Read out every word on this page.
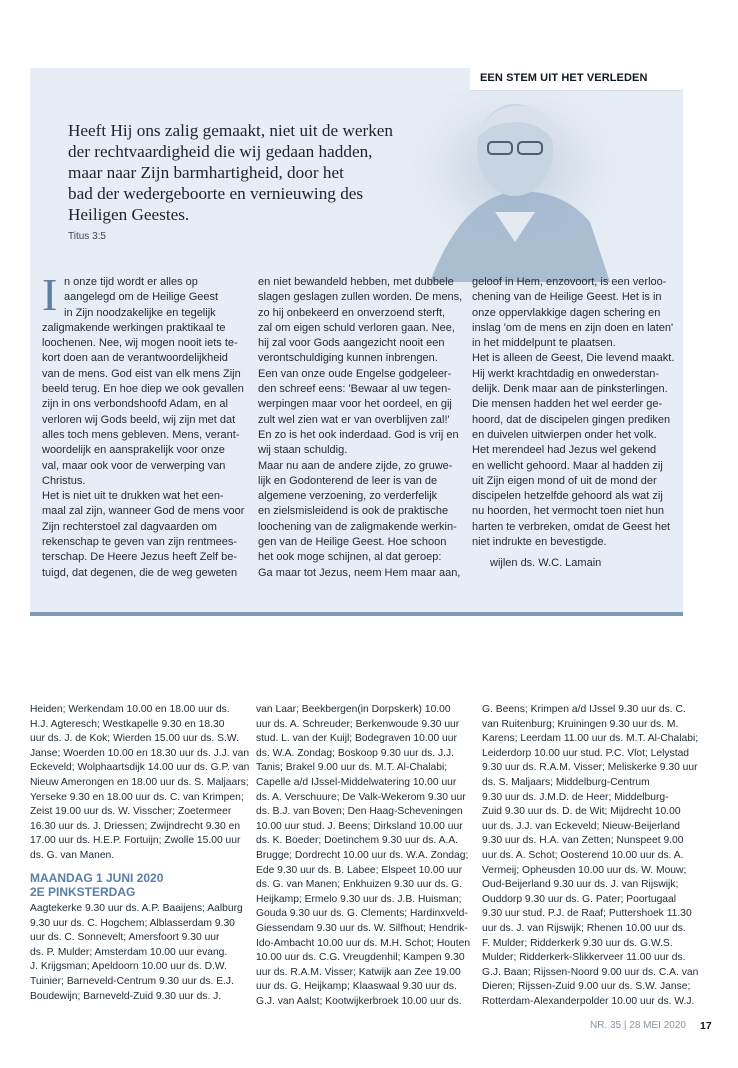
EEN STEM UIT HET VERLEDEN
Heeft Hij ons zalig gemaakt, niet uit de werken
der rechtvaardigheid die wij gedaan hadden,
maar naar Zijn barmhartigheid, door het
bad der wedergeboorte en vernieuwing des
Heiligen Geestes.
Titus 3:5
I n onze tijd wordt er alles op
aangelegd om de Heilige Geest
in Zijn noodzakelijke en tegelijk
zaligmakende werkingen praktikaal te
loochenen. Nee, wij mogen nooit iets te-
kort doen aan de verantwoordelijkheid
van de mens. God eist van elk mens Zijn
beeld terug. En hoe diep we ook gevallen
zijn in ons verbondshoofd Adam, en al
verloren wij Gods beeld, wij zijn met dat
alles toch mens gebleven. Mens, verant-
woordelijk en aansprakelijk voor onze
val, maar ook voor de verwerping van
Christus.
Het is niet uit te drukken wat het een-
maal zal zijn, wanneer God de mens voor
Zijn rechterstoel zal dagvaarden om
rekenschap te geven van zijn rentmees-
terschap. De Heere Jezus heeft Zelf be-
tuigd, dat degenen, die de weg geweten
en niet bewandeld hebben, met dubbele
slagen geslagen zullen worden. De mens,
zo hij onbekeerd en onverzoend sterft,
zal om eigen schuld verloren gaan. Nee,
hij zal voor Gods aangezicht nooit een
verontschuldiging kunnen inbrengen.
Een van onze oude Engelse godgeleer-
den schreef eens: 'Bewaar al uw tegen-
werpingen maar voor het oordeel, en gij
zult wel zien wat er van overblijven zal!'
En zo is het ook inderdaad. God is vrij en
wij staan schuldig.
Maar nu aan de andere zijde, zo gruwe-
lijk en Godonterend de leer is van de
algemene verzoening, zo verderfelijk
en zielsmisleidend is ook de praktische
loochening van de zaligmakende werkin-
gen van de Heilige Geest. Hoe schoon
het ook moge schijnen, al dat geroep:
Ga maar tot Jezus, neem Hem maar aan,
geloof in Hem, enzovoort, is een verloo-
chening van de Heilige Geest. Het is in
onze oppervlakkige dagen schering en
inslag 'om de mens en zijn doen en laten'
in het middelpunt te plaatsen.
Het is alleen de Geest, Die levend maakt.
Hij werkt krachtdadig en onwederstan-
delijk. Denk maar aan de pinksterlingen.
Die mensen hadden het wel eerder ge-
hoord, dat de discipelen gingen prediken
en duivelen uitwierpen onder het volk.
Het merendeel had Jezus wel gekend
en wellicht gehoord. Maar al hadden zij
uit Zijn eigen mond of uit de mond der
discipelen hetzelfde gehoord als wat zij
nu hoorden, het vermocht toen niet hun
harten te verbreken, omdat de Geest het
niet indrukte en bevestigde.
wijlen ds. W.C. Lamain
Heiden; Werkendam 10.00 en 18.00 uur ds.
H.J. Agteresch; Westkapelle 9.30 en 18.30
uur ds. J. de Kok; Wierden 15.00 uur ds. S.W.
Janse; Woerden 10.00 en 18.30 uur ds. J.J. van
Eckeveld; Wolphaartsdijk 14.00 uur ds. G.P. van
Nieuw Amerongen en 18.00 uur ds. S. Maljaars;
Yerseke 9.30 en 18.00 uur ds. C. van Krimpen;
Zeist 19.00 uur ds. W. Visscher; Zoetermeer
16.30 uur ds. J. Driessen; Zwijndrecht 9.30 en
17.00 uur ds. H.E.P. Fortuijn; Zwolle 15.00 uur
ds. G. van Manen.
MAANDAG 1 JUNI 2020
2E PINKSTERDAG
Aagtekerke 9.30 uur ds. A.P. Baaijens; Aalburg
9.30 uur ds. C. Hogchem; Alblasserdam 9.30
uur ds. C. Sonnevelt; Amersfoort 9.30 uur
ds. P. Mulder; Amsterdam 10.00 uur evang.
J. Krijgsman; Apeldoorn 10.00 uur ds. D.W.
Tuinier; Barneveld-Centrum 9.30 uur ds. E.J.
Boudewijn; Barneveld-Zuid 9.30 uur ds. J.
van Laar; Beekbergen(in Dorpskerk) 10.00
uur ds. A. Schreuder; Berkenwoude 9.30 uur
stud. L. van der Kuijl; Bodegraven 10.00 uur
ds. W.A. Zondag; Boskoop 9.30 uur ds. J.J.
Tanis; Brakel 9.00 uur ds. M.T. Al-Chalabi;
Capelle a/d IJssel-Middelwatering 10.00 uur
ds. A. Verschuure; De Valk-Wekerom 9.30 uur
ds. B.J. van Boven; Den Haag-Scheveningen
10.00 uur stud. J. Beens; Dirksland 10.00 uur
ds. K. Boeder; Doetinchem 9.30 uur ds. A.A.
Brugge; Dordrecht 10.00 uur ds. W.A. Zondag;
Ede 9.30 uur ds. B. Labee; Elspeet 10.00 uur
ds. G. van Manen; Enkhuizen 9.30 uur ds. G.
Heijkamp; Ermelo 9.30 uur ds. J.B. Huisman;
Gouda 9.30 uur ds. G. Clements; Hardinxveld-
Giessendam 9.30 uur ds. W. Silfhout; Hendrik-
Ido-Ambacht 10.00 uur ds. M.H. Schot; Houten
10.00 uur ds. C.G. Vreugdenhil; Kampen 9.30
uur ds. R.A.M. Visser; Katwijk aan Zee 19.00
uur ds. G. Heijkamp; Klaaswaal 9.30 uur ds.
G.J. van Aalst; Kootwijkerbroek 10.00 uur ds.
G. Beens; Krimpen a/d IJssel 9.30 uur ds. C.
van Ruitenburg; Kruiningen 9.30 uur ds. M.
Karens; Leerdam 11.00 uur ds. M.T. Al-Chalabi;
Leiderdorp 10.00 uur stud. P.C. Vlot; Lelystad
9.30 uur ds. R.A.M. Visser; Meliskerke 9.30 uur
ds. S. Maljaars; Middelburg-Centrum
9.30 uur ds. J.M.D. de Heer; Middelburg-
Zuid 9.30 uur ds. D. de Wit; Mijdrecht 10.00
uur ds. J.J. van Eckeveld; Nieuw-Beijerland
9.30 uur ds. H.A. van Zetten; Nunspeet 9.00
uur ds. A. Schot; Oosterend 10.00 uur ds. A.
Vermeij; Opheusden 10.00 uur ds. W. Mouw;
Oud-Beijerland 9.30 uur ds. J. van Rijswijk;
Ouddorp 9.30 uur ds. G. Pater; Poortugaal
9.30 uur stud. P.J. de Raaf; Puttershoek 11.30
uur ds. J. van Rijswijk; Rhenen 10.00 uur ds.
F. Mulder; Ridderkerk 9.30 uur ds. G.W.S.
Mulder; Ridderkerk-Slikkerveer 11.00 uur ds.
G.J. Baan; Rijssen-Noord 9.00 uur ds. C.A. van
Dieren; Rijssen-Zuid 9.00 uur ds. S.W. Janse;
Rotterdam-Alexanderpolder 10.00 uur ds. W.J.
NR. 35 | 28 MEI 2020 17
